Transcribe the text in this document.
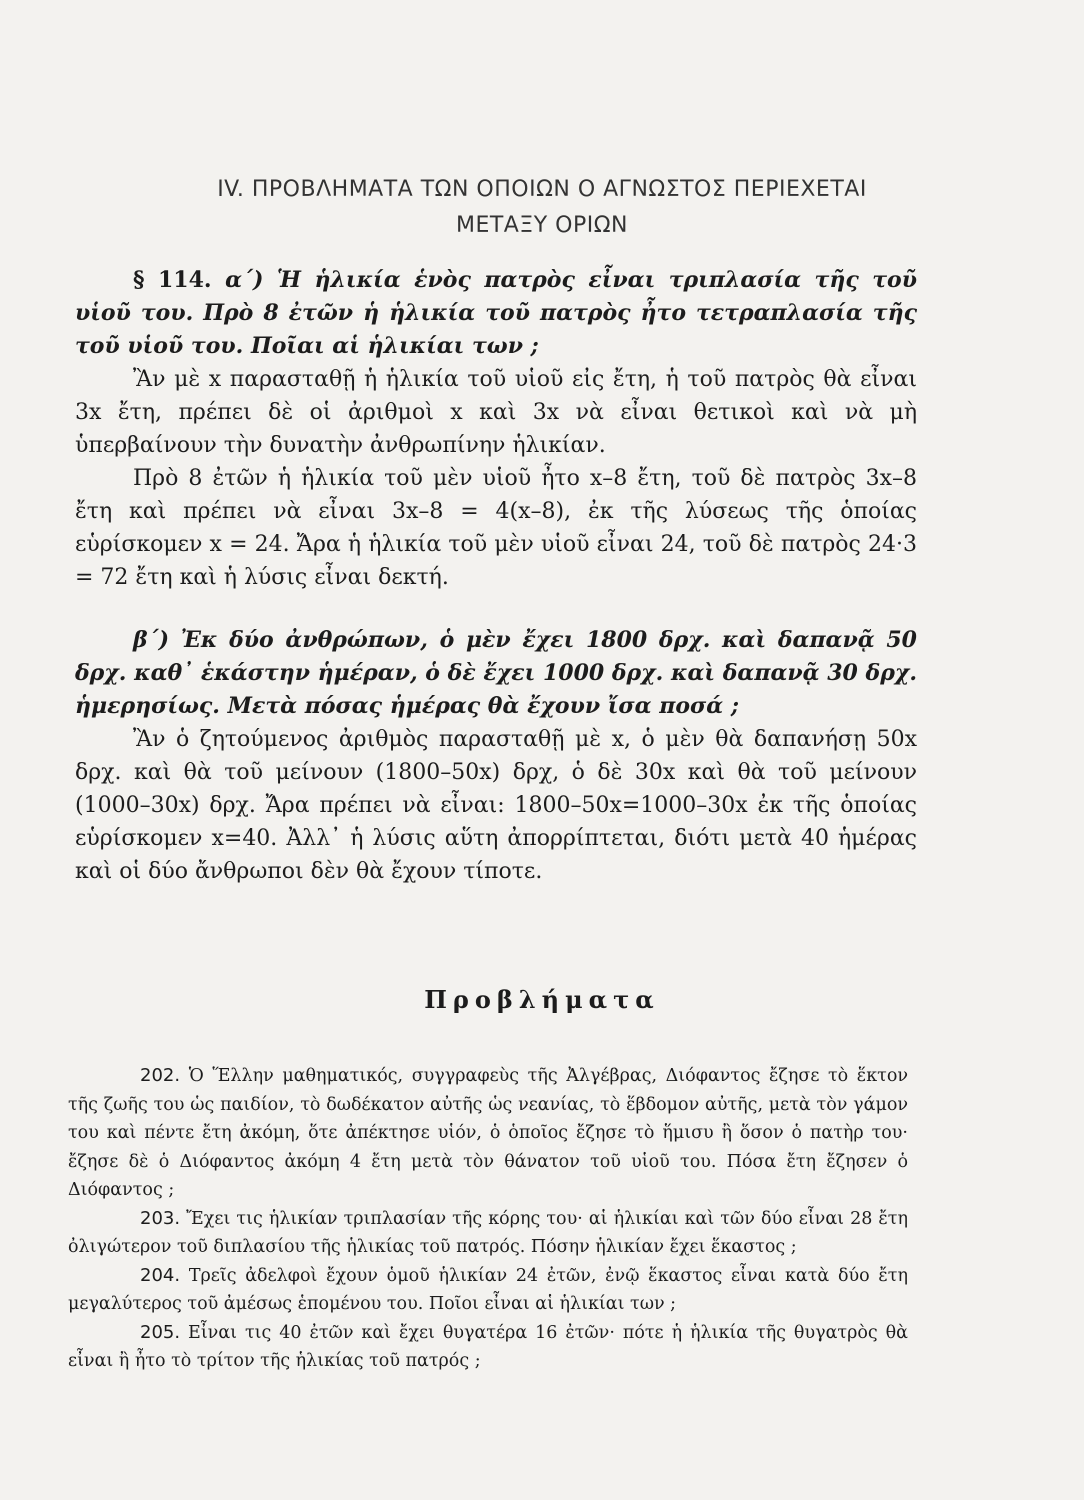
IV. ΠΡΟΒΛΗΜΑΤΑ ΤΩΝ ΟΠΟΙΩΝ Ο ΑΓΝΩΣΤΟΣ ΠΕΡΙΕΧΕΤΑΙ
ΜΕΤΑΞΥ ΟΡΙΩΝ

§ 114. α΄) Ἡ ἡλικία ἑνὸς πατρὸς εἶναι τριπλασία τῆς τοῦ υἱοῦ του. Πρὸ 8 ἐτῶν ἡ ἡλικία τοῦ πατρὸς ἦτο τετραπλασία τῆς τοῦ υἱοῦ του. Ποῖαι αἱ ἡλικίαι των ;

Ἂν μὲ x παρασταθῇ ἡ ἡλικία τοῦ υἱοῦ εἰς ἔτη, ἡ τοῦ πατρὸς θὰ εἶναι 3x ἔτη, πρέπει δὲ οἱ ἀριθμοὶ x καὶ 3x νὰ εἶναι θετικοὶ καὶ νὰ μὴ ὑπερβαίνουν τὴν δυνατὴν ἀνθρωπίνην ἡλικίαν.

Πρὸ 8 ἐτῶν ἡ ἡλικία τοῦ μὲν υἱοῦ ἦτο x–8 ἔτη, τοῦ δὲ πατρὸς 3x–8 ἔτη καὶ πρέπει νὰ εἶναι 3x–8 = 4(x–8), ἐκ τῆς λύσεως τῆς ὁποίας εὑρίσκομεν x = 24. Ἄρα ἡ ἡλικία τοῦ μὲν υἱοῦ εἶναι 24, τοῦ δὲ πατρὸς 24·3 = 72 ἔτη καὶ ἡ λύσις εἶναι δεκτή.

β΄) Ἐκ δύο ἀνθρώπων, ὁ μὲν ἔχει 1800 δρχ. καὶ δαπανᾷ 50 δρχ. καθ᾽ ἑκάστην ἡμέραν, ὁ δὲ ἔχει 1000 δρχ. καὶ δαπανᾷ 30 δρχ. ἡμερησίως. Μετὰ πόσας ἡμέρας θὰ ἔχουν ἴσα ποσά ;

Ἂν ὁ ζητούμενος ἀριθμὸς παρασταθῇ μὲ x, ὁ μὲν θὰ δαπανήσῃ 50x δρχ. καὶ θὰ τοῦ μείνουν (1800–50x) δρχ, ὁ δὲ 30x καὶ θὰ τοῦ μείνουν (1000–30x) δρχ. Ἄρα πρέπει νὰ εἶναι: 1800–50x=1000–30x ἐκ τῆς ὁποίας εὑρίσκομεν x=40. Ἀλλ᾽ ἡ λύσις αὕτη ἀπορρίπτεται, διότι μετὰ 40 ἡμέρας καὶ οἱ δύο ἄνθρωποι δὲν θὰ ἔχουν τίποτε.

Προβλήματα

202. Ὁ Ἕλλην μαθηματικός, συγγραφεὺς τῆς Ἀλγέβρας, Διόφαντος ἔζησε τὸ ἕκτον τῆς ζωῆς του ὡς παιδίον, τὸ δωδέκατον αὐτῆς ὡς νεανίας, τὸ ἕβδομον αὐτῆς, μετὰ τὸν γάμον του καὶ πέντε ἔτη ἀκόμη, ὅτε ἀπέκτησε υἱόν, ὁ ὁποῖος ἔζησε τὸ ἥμισυ ἢ ὅσον ὁ πατὴρ του· ἔζησε δὲ ὁ Διόφαντος ἀκόμη 4 ἔτη μετὰ τὸν θάνατον τοῦ υἱοῦ του. Πόσα ἔτη ἔζησεν ὁ Διόφαντος ;

203. Ἔχει τις ἡλικίαν τριπλασίαν τῆς κόρης του· αἱ ἡλικίαι καὶ τῶν δύο εἶναι 28 ἔτη ὀλιγώτερον τοῦ διπλασίου τῆς ἡλικίας τοῦ πατρός. Πόσην ἡλικίαν ἔχει ἕκαστος ;

204. Τρεῖς ἀδελφοὶ ἔχουν ὁμοῦ ἡλικίαν 24 ἐτῶν, ἐνῷ ἕκαστος εἶναι κατὰ δύο ἔτη μεγαλύτερος τοῦ ἀμέσως ἑπομένου του. Ποῖοι εἶναι αἱ ἡλικίαι των ;

205. Εἶναι τις 40 ἐτῶν καὶ ἔχει θυγατέρα 16 ἐτῶν· πότε ἡ ἡλικία τῆς θυγατρὸς θὰ εἶναι ἢ ἦτο τὸ τρίτον τῆς ἡλικίας τοῦ πατρός ;
